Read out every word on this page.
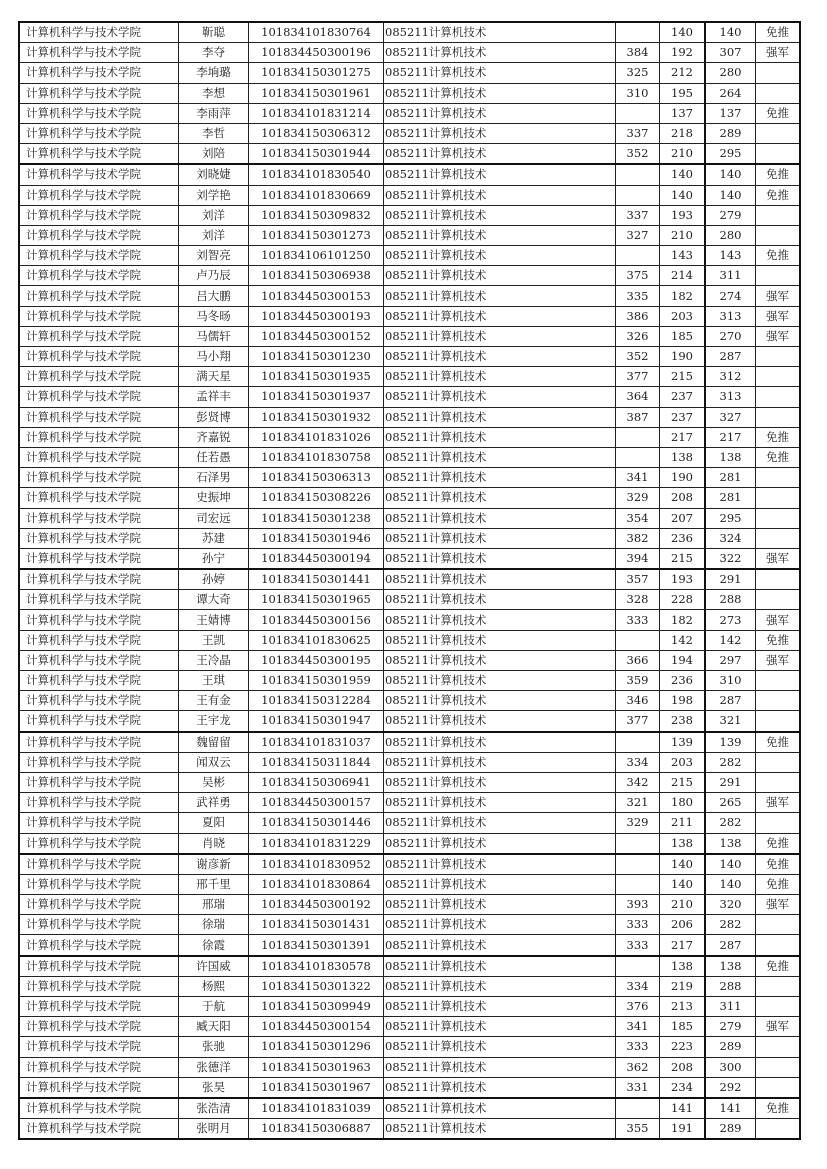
计算机科学与技术学院	靳聪	101834101830764	085211计算机技术		140	140	免推
计算机科学与技术学院	李夺	101834450300196	085211计算机技术	384	192	307	强军
计算机科学与技术学院	李垧璐	101834150301275	085211计算机技术	325	212	280	
计算机科学与技术学院	李想	101834150301961	085211计算机技术	310	195	264	
计算机科学与技术学院	李雨萍	101834101831214	085211计算机技术		137	137	免推
计算机科学与技术学院	李哲	101834150306312	085211计算机技术	337	218	289	
计算机科学与技术学院	刘陪	101834150301944	085211计算机技术	352	210	295	
计算机科学与技术学院	刘晓婕	101834101830540	085211计算机技术		140	140	免推
计算机科学与技术学院	刘学艳	101834101830669	085211计算机技术		140	140	免推
计算机科学与技术学院	刘洋	101834150309832	085211计算机技术	337	193	279	
计算机科学与技术学院	刘洋	101834150301273	085211计算机技术	327	210	280	
计算机科学与技术学院	刘智亮	101834106101250	085211计算机技术		143	143	免推
计算机科学与技术学院	卢乃辰	101834150306938	085211计算机技术	375	214	311	
计算机科学与技术学院	吕大鹏	101834450300153	085211计算机技术	335	182	274	强军
计算机科学与技术学院	马冬旸	101834450300193	085211计算机技术	386	203	313	强军
计算机科学与技术学院	马儒轩	101834450300152	085211计算机技术	326	185	270	强军
计算机科学与技术学院	马小翔	101834150301230	085211计算机技术	352	190	287	
计算机科学与技术学院	满天星	101834150301935	085211计算机技术	377	215	312	
计算机科学与技术学院	孟祥丰	101834150301937	085211计算机技术	364	237	313	
计算机科学与技术学院	彭贤博	101834150301932	085211计算机技术	387	237	327	
计算机科学与技术学院	齐嘉锐	101834101831026	085211计算机技术		217	217	免推
计算机科学与技术学院	任若愚	101834101830758	085211计算机技术		138	138	免推
计算机科学与技术学院	石泽男	101834150306313	085211计算机技术	341	190	281	
计算机科学与技术学院	史振坤	101834150308226	085211计算机技术	329	208	281	
计算机科学与技术学院	司宏远	101834150301238	085211计算机技术	354	207	295	
计算机科学与技术学院	苏建	101834150301946	085211计算机技术	382	236	324	
计算机科学与技术学院	孙宁	101834450300194	085211计算机技术	394	215	322	强军
计算机科学与技术学院	孙婷	101834150301441	085211计算机技术	357	193	291	
计算机科学与技术学院	谭大奇	101834150301965	085211计算机技术	328	228	288	
计算机科学与技术学院	王婧博	101834450300156	085211计算机技术	333	182	273	强军
计算机科学与技术学院	王凯	101834101830625	085211计算机技术		142	142	免推
计算机科学与技术学院	王冷晶	101834450300195	085211计算机技术	366	194	297	强军
计算机科学与技术学院	王琪	101834150301959	085211计算机技术	359	236	310	
计算机科学与技术学院	王有金	101834150312284	085211计算机技术	346	198	287	
计算机科学与技术学院	王宇龙	101834150301947	085211计算机技术	377	238	321	
计算机科学与技术学院	魏留留	101834101831037	085211计算机技术		139	139	免推
计算机科学与技术学院	闻双云	101834150311844	085211计算机技术	334	203	282	
计算机科学与技术学院	吴彬	101834150306941	085211计算机技术	342	215	291	
计算机科学与技术学院	武祥勇	101834450300157	085211计算机技术	321	180	265	强军
计算机科学与技术学院	夏阳	101834150301446	085211计算机技术	329	211	282	
计算机科学与技术学院	肖晓	101834101831229	085211计算机技术		138	138	免推
计算机科学与技术学院	谢彦新	101834101830952	085211计算机技术		140	140	免推
计算机科学与技术学院	邢千里	101834101830864	085211计算机技术		140	140	免推
计算机科学与技术学院	邢瑞	101834450300192	085211计算机技术	393	210	320	强军
计算机科学与技术学院	徐瑞	101834150301431	085211计算机技术	333	206	282	
计算机科学与技术学院	徐霞	101834150301391	085211计算机技术	333	217	287	
计算机科学与技术学院	许国威	101834101830578	085211计算机技术		138	138	免推
计算机科学与技术学院	杨熙	101834150301322	085211计算机技术	334	219	288	
计算机科学与技术学院	于航	101834150309949	085211计算机技术	376	213	311	
计算机科学与技术学院	臧天阳	101834450300154	085211计算机技术	341	185	279	强军
计算机科学与技术学院	张驰	101834150301296	085211计算机技术	333	223	289	
计算机科学与技术学院	张德洋	101834150301963	085211计算机技术	362	208	300	
计算机科学与技术学院	张昊	101834150301967	085211计算机技术	331	234	292	
计算机科学与技术学院	张浩清	101834101831039	085211计算机技术		141	141	免推
计算机科学与技术学院	张明月	101834150306887	085211计算机技术	355	191	289	
